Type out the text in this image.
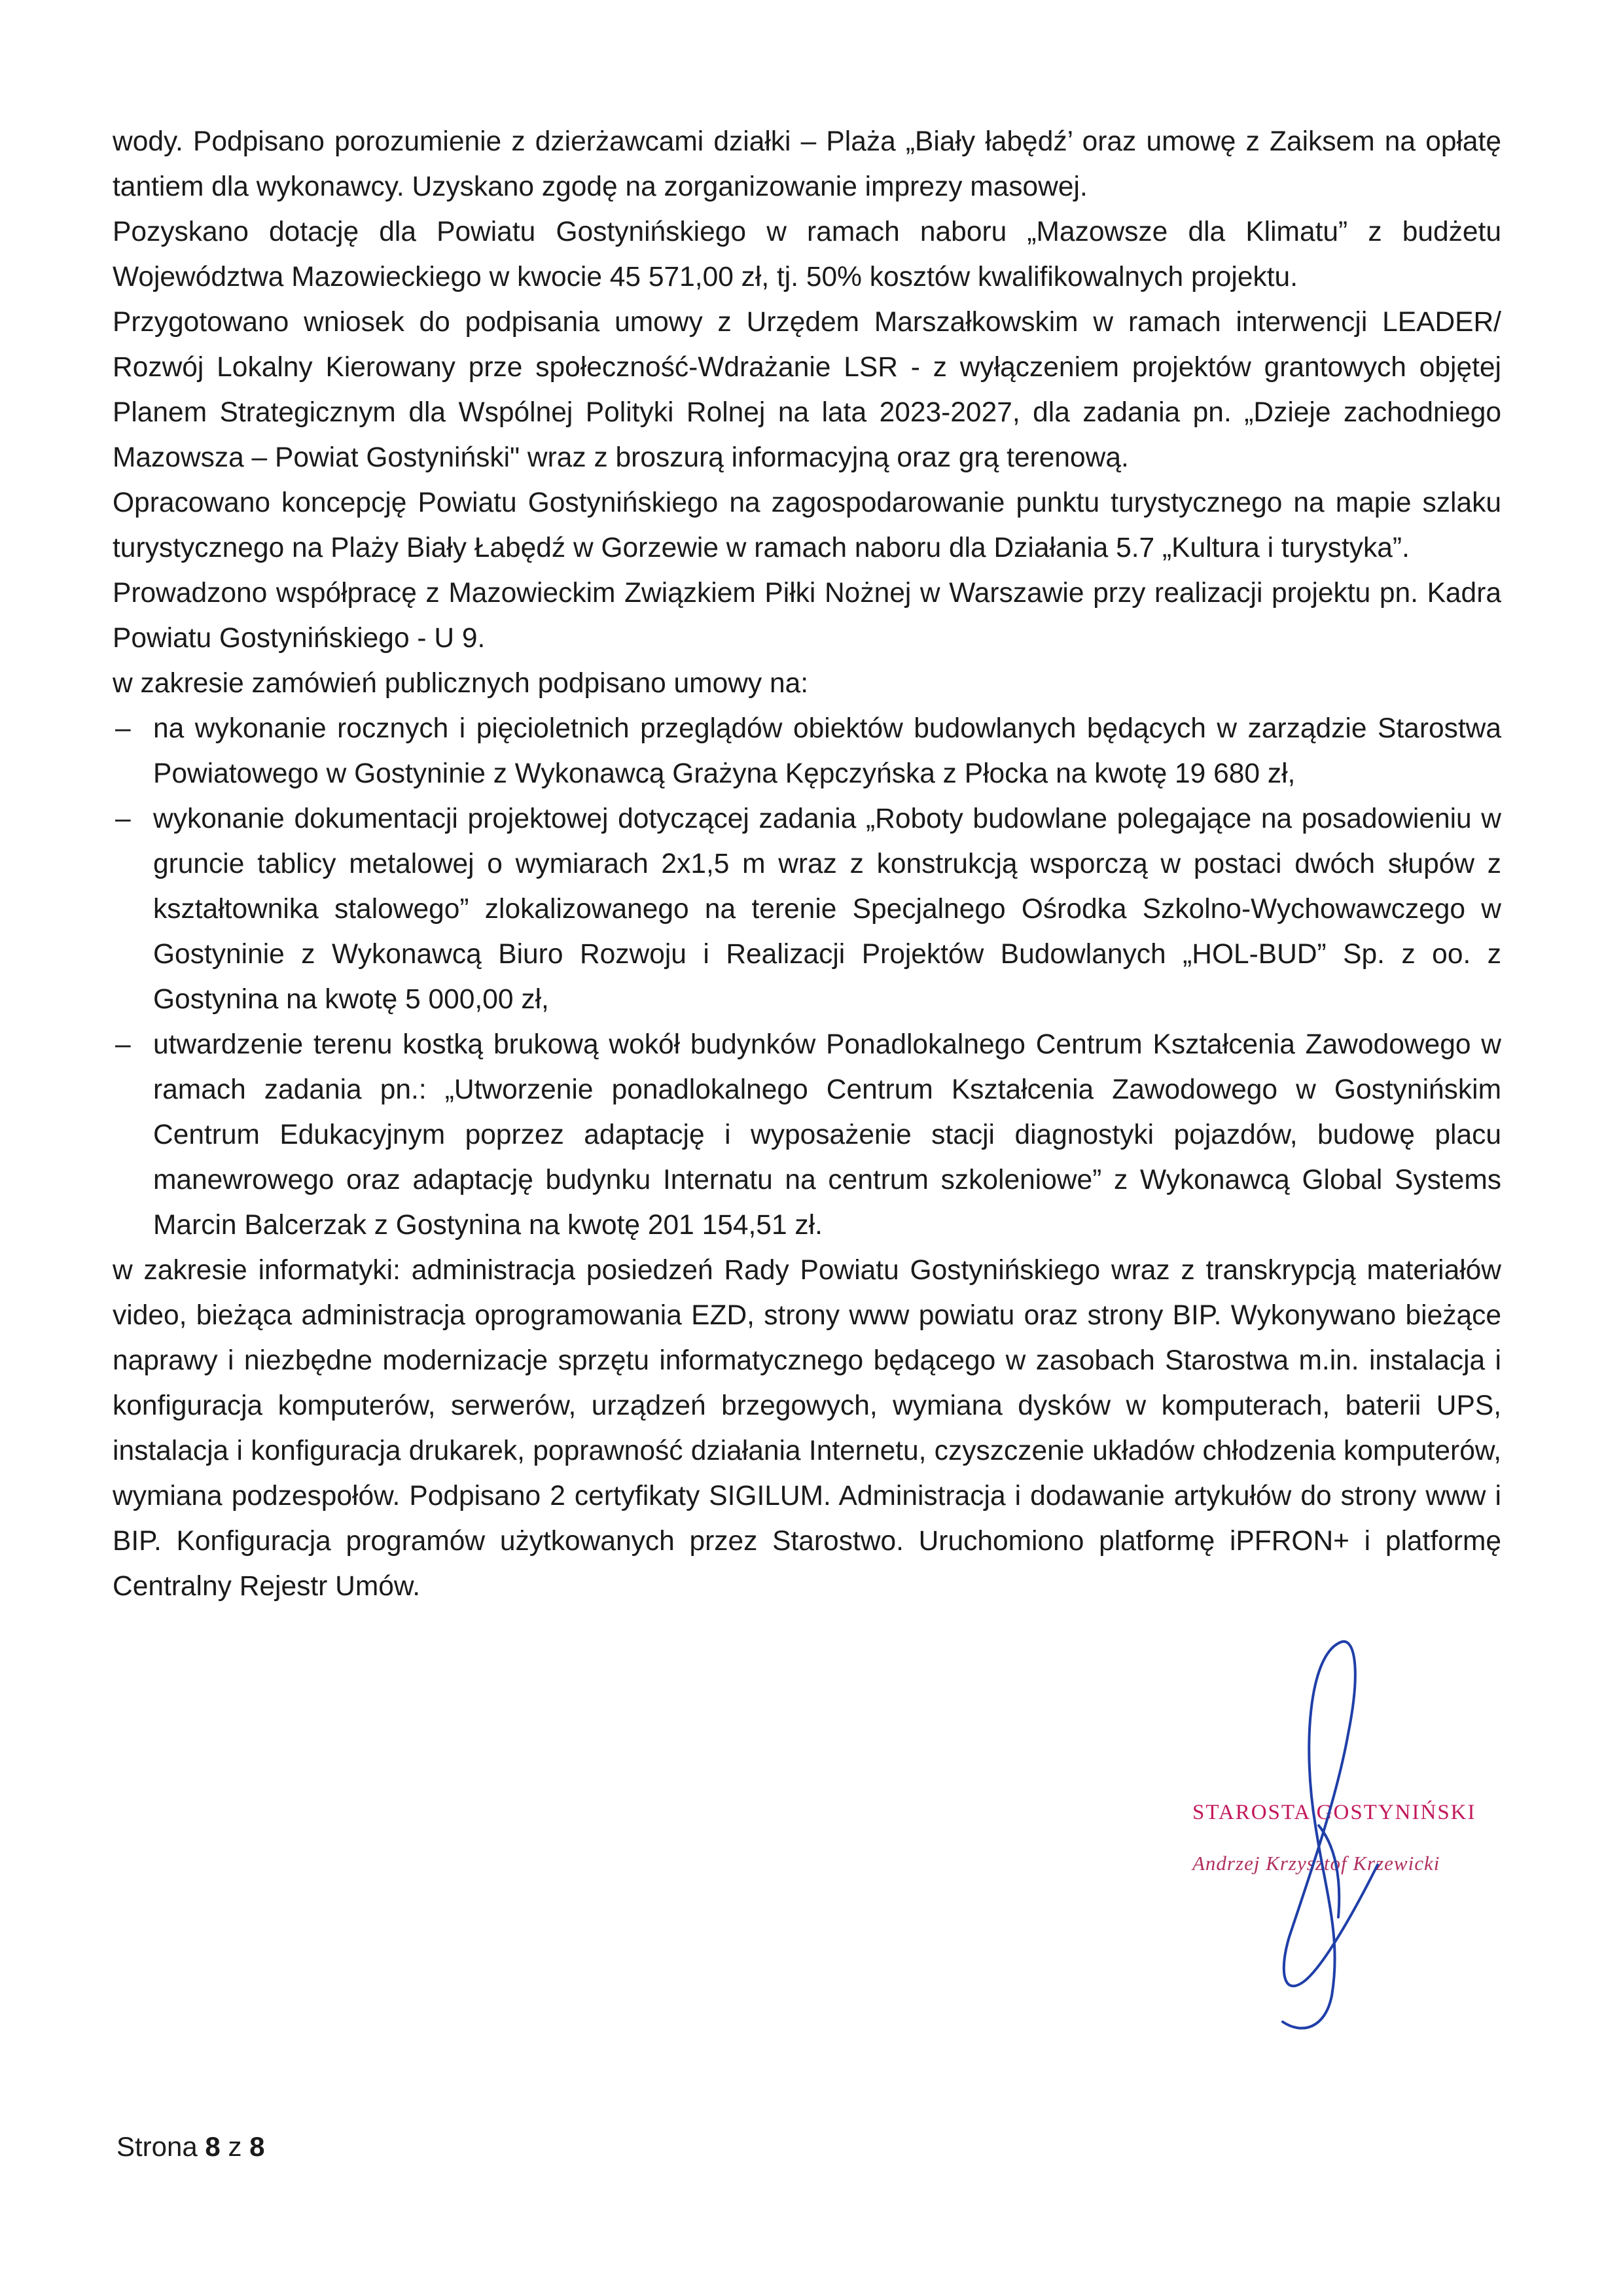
wody. Podpisano porozumienie z dzierżawcami działki – Plaża „Biały łabędź’ oraz umowę z Zaiksem na opłatę tantiem dla wykonawcy. Uzyskano zgodę na zorganizowanie imprezy masowej.

Pozyskano dotację dla Powiatu Gostynińskiego w ramach naboru „Mazowsze dla Klimatu” z budżetu Województwa Mazowieckiego w kwocie 45 571,00 zł, tj. 50% kosztów kwalifikowalnych projektu.

Przygotowano wniosek do podpisania umowy z Urzędem Marszałkowskim w ramach interwencji LEADER/ Rozwój Lokalny Kierowany prze społeczność-Wdrażanie LSR - z wyłączeniem projektów grantowych objętej Planem Strategicznym dla Wspólnej Polityki Rolnej na lata 2023-2027, dla zadania pn. „Dzieje zachodniego Mazowsza – Powiat Gostyniński" wraz z broszurą informacyjną oraz grą terenową.

Opracowano koncepcję Powiatu Gostynińskiego na zagospodarowanie punktu turystycznego na mapie szlaku turystycznego na Plaży Biały Łabędź w Gorzewie w ramach naboru dla Działania 5.7 „Kultura i turystyka”.

Prowadzono współpracę z Mazowieckim Związkiem Piłki Nożnej w Warszawie przy realizacji projektu pn. Kadra Powiatu Gostynińskiego - U 9.

w zakresie zamówień publicznych podpisano umowy na:

– na wykonanie rocznych i pięcioletnich przeglądów obiektów budowlanych będących w zarządzie Starostwa Powiatowego w Gostyninie z Wykonawcą Grażyna Kępczyńska z Płocka na kwotę 19 680 zł,
– wykonanie dokumentacji projektowej dotyczącej zadania „Roboty budowlane polegające na posadowieniu w gruncie tablicy metalowej o wymiarach 2x1,5 m wraz z konstrukcją wsporczą w postaci dwóch słupów z kształtownika stalowego” zlokalizowanego na terenie Specjalnego Ośrodka Szkolno-Wychowawczego w Gostyninie z Wykonawcą Biuro Rozwoju i Realizacji Projektów Budowlanych „HOL-BUD” Sp. z oo. z Gostynina na kwotę 5 000,00 zł,
– utwardzenie terenu kostką brukową wokół budynków Ponadlokalnego Centrum Kształcenia Zawodowego w ramach zadania pn.: „Utworzenie ponadlokalnego Centrum Kształcenia Zawodowego w Gostynińskim Centrum Edukacyjnym poprzez adaptację i wyposażenie stacji diagnostyki pojazdów, budowę placu manewrowego oraz adaptację budynku Internatu na centrum szkoleniowe” z Wykonawcą Global Systems Marcin Balcerzak z Gostynina na kwotę 201 154,51 zł.

w zakresie informatyki: administracja posiedzeń Rady Powiatu Gostynińskiego wraz z transkrypcją materiałów video, bieżąca administracja oprogramowania EZD, strony www powiatu oraz strony BIP. Wykonywano bieżące naprawy i niezbędne modernizacje sprzętu informatycznego będącego w zasobach Starostwa m.in. instalacja i konfiguracja komputerów, serwerów, urządzeń brzegowych, wymiana dysków w komputerach, baterii UPS, instalacja i konfiguracja drukarek, poprawność działania Internetu, czyszczenie układów chłodzenia komputerów, wymiana podzespołów. Podpisano 2 certyfikaty SIGILUM. Administracja i dodawanie artykułów do strony www i BIP. Konfiguracja programów użytkowanych przez Starostwo. Uruchomiono platformę iPFRON+ i platformę Centralny Rejestr Umów.

STAROSTA GOSTYNIŃSKI
Andrzej Krzysztof Krzewicki
Strona 8 z 8
